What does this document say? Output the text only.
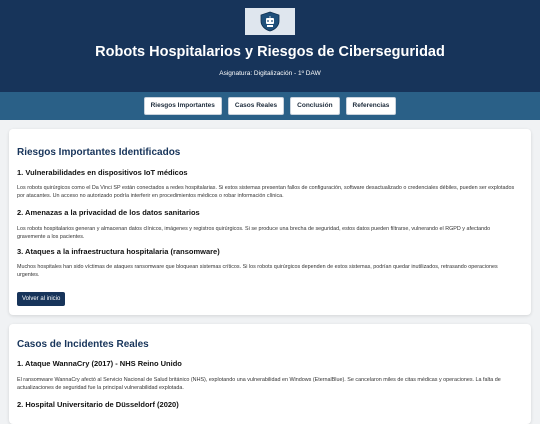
Robots Hospitalarios y Riesgos de Ciberseguridad

Asignatura: Digitalización - 1º DAW

Riesgos Importantes	Casos Reales	Conclusión	Referencias
Riesgos Importantes Identificados
1. Vulnerabilidades en dispositivos IoT médicos

Los robots quirúrgicos como el Da Vinci SP están conectados a redes hospitalarias. Si estos sistemas presentan fallos de configuración, software desactualizado o credenciales débiles, pueden ser explotados por atacantes. Un acceso no autorizado podría interferir en procedimientos médicos o robar información clínica.

2. Amenazas a la privacidad de los datos sanitarios

Los robots hospitalarios generan y almacenan datos clínicos, imágenes y registros quirúrgicos. Si se produce una brecha de seguridad, estos datos pueden filtrarse, vulnerando el RGPD y afectando gravemente a los pacientes.

3. Ataques a la infraestructura hospitalaria (ransomware)

Muchos hospitales han sido víctimas de ataques ransomware que bloquean sistemas críticos. Si los robots quirúrgicos dependen de estos sistemas, podrían quedar inutilizados, retrasando operaciones urgentes.

Volver al inicio
Casos de Incidentes Reales
1. Ataque WannaCry (2017) - NHS Reino Unido

El ransomware WannaCry afectó al Servicio Nacional de Salud británico (NHS), explotando una vulnerabilidad en Windows (EternalBlue). Se cancelaron miles de citas médicas y operaciones. La falta de actualizaciones de seguridad fue la principal vulnerabilidad explotada.

2. Hospital Universitario de Düsseldorf (2020)
